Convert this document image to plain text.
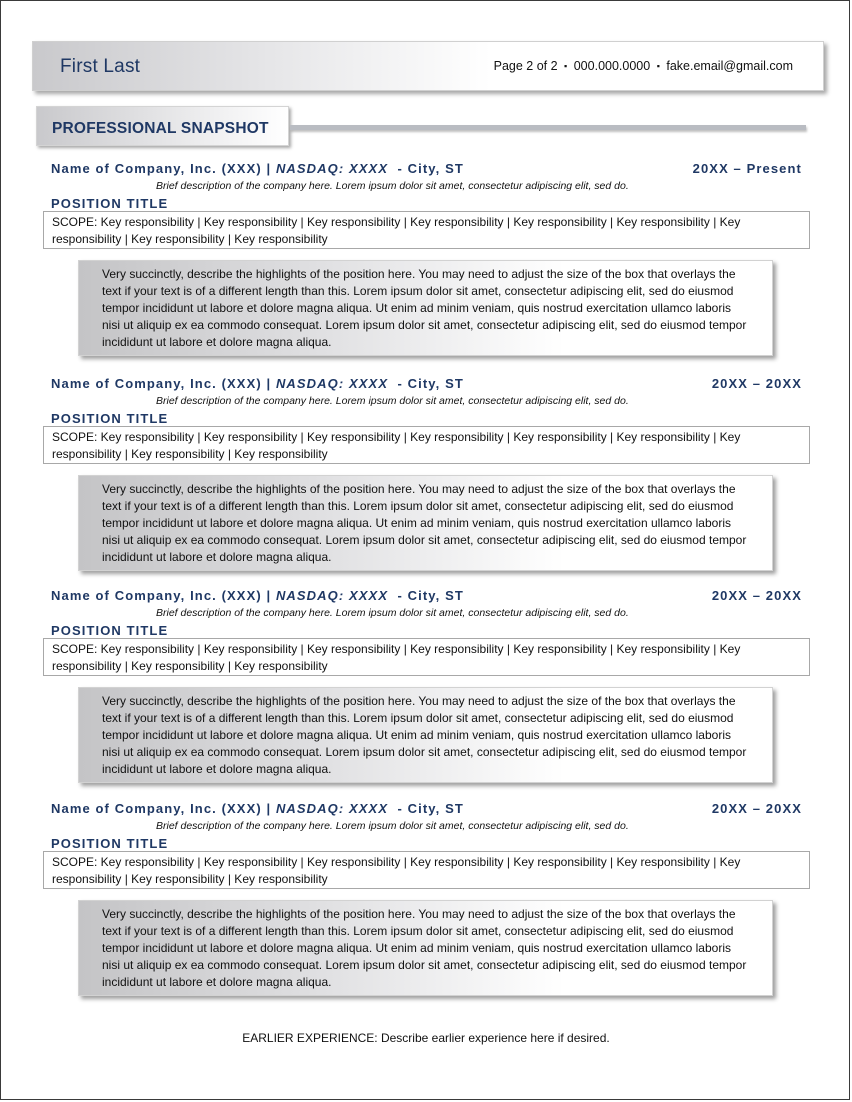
First Last	Page 2 of 2 ▪ 000.000.0000 ▪ fake.email@gmail.com
PROFESSIONAL SNAPSHOT
Name of Company, Inc. (XXX) | NASDAQ: XXXX  - City, ST	20XX – Present
Brief description of the company here. Lorem ipsum dolor sit amet, consectetur adipiscing elit, sed do.
POSITION TITLE
SCOPE: Key responsibility | Key responsibility | Key responsibility | Key responsibility | Key responsibility | Key responsibility | Key responsibility | Key responsibility | Key responsibility
Very succinctly, describe the highlights of the position here. You may need to adjust the size of the box that overlays the text if your text is of a different length than this. Lorem ipsum dolor sit amet, consectetur adipiscing elit, sed do eiusmod tempor incididunt ut labore et dolore magna aliqua. Ut enim ad minim veniam, quis nostrud exercitation ullamco laboris nisi ut aliquip ex ea commodo consequat. Lorem ipsum dolor sit amet, consectetur adipiscing elit, sed do eiusmod tempor incididunt ut labore et dolore magna aliqua.
Name of Company, Inc. (XXX) | NASDAQ: XXXX  - City, ST	20XX – 20XX
Brief description of the company here. Lorem ipsum dolor sit amet, consectetur adipiscing elit, sed do.
POSITION TITLE
SCOPE: Key responsibility | Key responsibility | Key responsibility | Key responsibility | Key responsibility | Key responsibility | Key responsibility | Key responsibility | Key responsibility
Very succinctly, describe the highlights of the position here. You may need to adjust the size of the box that overlays the text if your text is of a different length than this. Lorem ipsum dolor sit amet, consectetur adipiscing elit, sed do eiusmod tempor incididunt ut labore et dolore magna aliqua. Ut enim ad minim veniam, quis nostrud exercitation ullamco laboris nisi ut aliquip ex ea commodo consequat. Lorem ipsum dolor sit amet, consectetur adipiscing elit, sed do eiusmod tempor incididunt ut labore et dolore magna aliqua.
Name of Company, Inc. (XXX) | NASDAQ: XXXX  - City, ST	20XX – 20XX
Brief description of the company here. Lorem ipsum dolor sit amet, consectetur adipiscing elit, sed do.
POSITION TITLE
SCOPE: Key responsibility | Key responsibility | Key responsibility | Key responsibility | Key responsibility | Key responsibility | Key responsibility | Key responsibility | Key responsibility
Very succinctly, describe the highlights of the position here. You may need to adjust the size of the box that overlays the text if your text is of a different length than this. Lorem ipsum dolor sit amet, consectetur adipiscing elit, sed do eiusmod tempor incididunt ut labore et dolore magna aliqua. Ut enim ad minim veniam, quis nostrud exercitation ullamco laboris nisi ut aliquip ex ea commodo consequat. Lorem ipsum dolor sit amet, consectetur adipiscing elit, sed do eiusmod tempor incididunt ut labore et dolore magna aliqua.
Name of Company, Inc. (XXX) | NASDAQ: XXXX  - City, ST	20XX – 20XX
Brief description of the company here. Lorem ipsum dolor sit amet, consectetur adipiscing elit, sed do.
POSITION TITLE
SCOPE: Key responsibility | Key responsibility | Key responsibility | Key responsibility | Key responsibility | Key responsibility | Key responsibility | Key responsibility | Key responsibility
Very succinctly, describe the highlights of the position here. You may need to adjust the size of the box that overlays the text if your text is of a different length than this. Lorem ipsum dolor sit amet, consectetur adipiscing elit, sed do eiusmod tempor incididunt ut labore et dolore magna aliqua. Ut enim ad minim veniam, quis nostrud exercitation ullamco laboris nisi ut aliquip ex ea commodo consequat. Lorem ipsum dolor sit amet, consectetur adipiscing elit, sed do eiusmod tempor incididunt ut labore et dolore magna aliqua.
EARLIER EXPERIENCE: Describe earlier experience here if desired.
